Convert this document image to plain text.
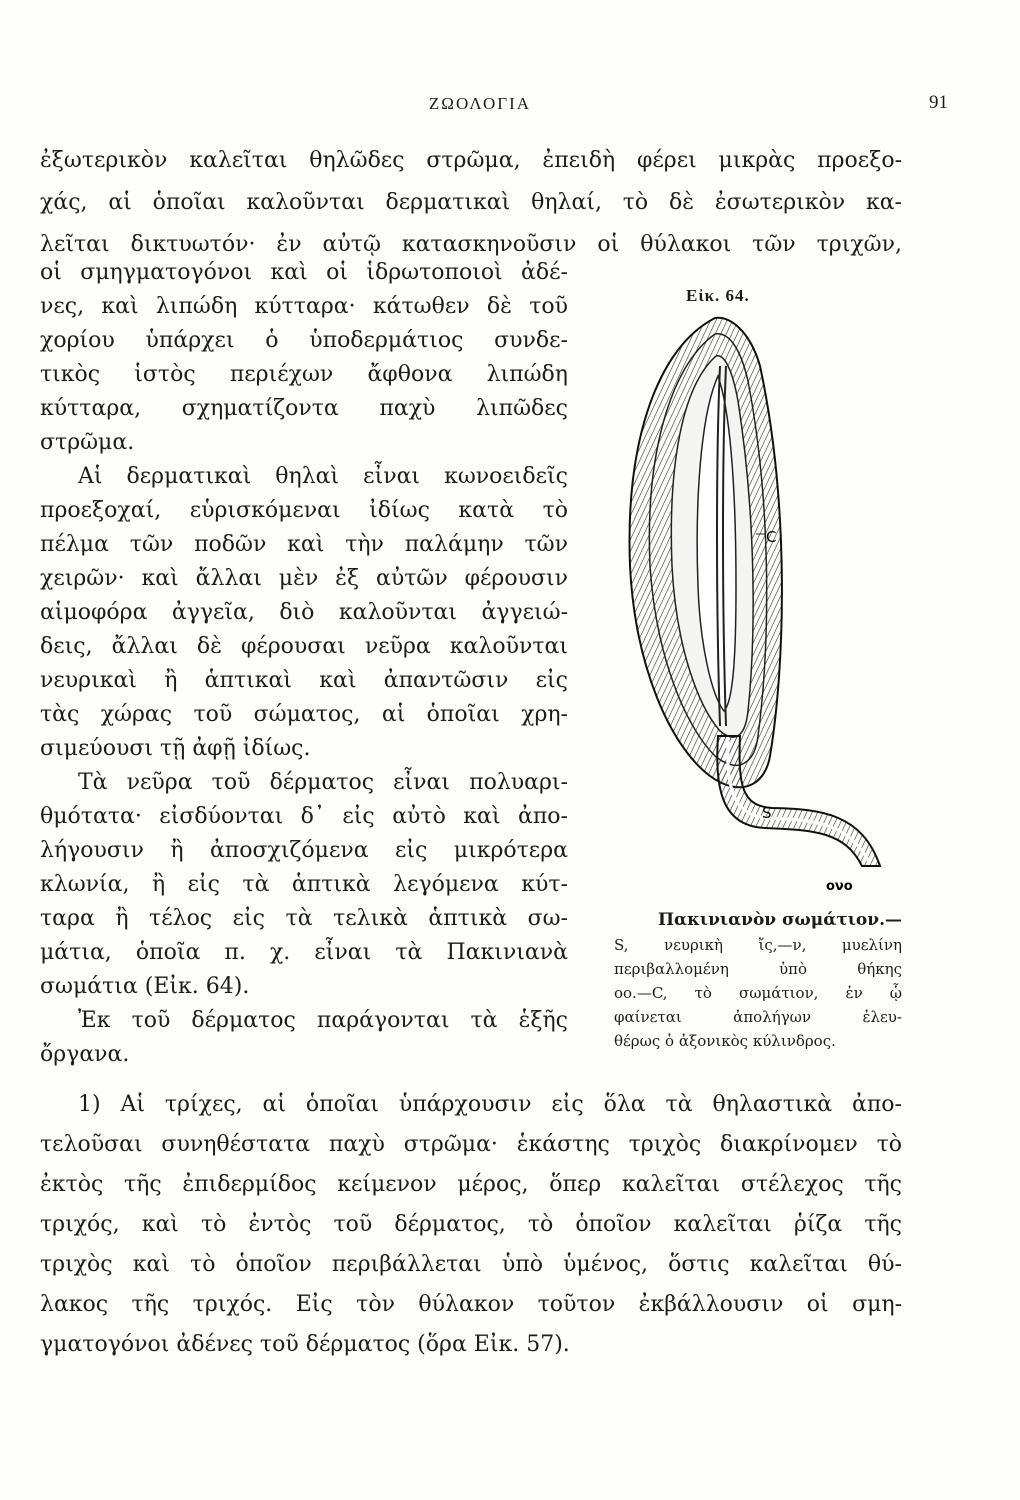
ΖΩΟΛΟΓΙΑ	91
ἐξωτερικὸν καλεῖται θηλῶδες στρῶμα, ἐπειδὴ φέρει μικρὰς προεξο-
χάς, αἱ ὁποῖαι καλοῦνται δερματικαὶ θηλαί, τὸ δὲ ἐσωτερικὸν κα-
λεῖται δικτυωτόν· ἐν αὐτῷ κατασκηνοῦσιν οἱ θύλακοι τῶν τριχῶν,
οἱ σμηγματογόνοι καὶ οἱ ἱδρωτοποιοὶ ἀδέ-
νες, καὶ λιπώδη κύτταρα· κάτωθεν δὲ τοῦ
χορίου ὑπάρχει ὁ ὑποδερμάτιος συνδε-
τικὸς ἱστὸς περιέχων ἄφθονα λιπώδη
κύτταρα, σχηματίζοντα παχὺ λιπῶδες
στρῶμα.
Αἱ δερματικαὶ θηλαὶ εἶναι κωνοειδεῖς
προεξοχαί, εὑρισκόμεναι ἰδίως κατὰ τὸ
πέλμα τῶν ποδῶν καὶ τὴν παλάμην τῶν
χειρῶν· καὶ ἄλλαι μὲν ἐξ αὐτῶν φέρουσιν
αἱμοφόρα ἀγγεῖα, διὸ καλοῦνται ἀγγειώ-
δεις, ἄλλαι δὲ φέρουσαι νεῦρα καλοῦνται
νευρικαὶ ἢ ἁπτικαὶ καὶ ἀπαντῶσιν εἰς
τὰς χώρας τοῦ σώματος, αἱ ὁποῖαι χρη-
σιμεύουσι τῇ ἀφῇ ἰδίως.
Τὰ νεῦρα τοῦ δέρματος εἶναι πολυαρι-
θμότατα· εἰσδύονται δ᾽ εἰς αὐτὸ καὶ ἀπο-
λήγουσιν ἢ ἀποσχιζόμενα εἰς μικρότερα
κλωνία, ἢ εἰς τὰ ἁπτικὰ λεγόμενα κύτ-
ταρα ἢ τέλος εἰς τὰ τελικὰ ἁπτικὰ σω-
μάτια, ὁποῖα π. χ. εἶναι τὰ Πακινιανὰ
σωμάτια (Εἰκ. 64).
Ἐκ τοῦ δέρματος παράγονται τὰ ἑξῆς
ὄργανα.
Εἰκ. 64.
C
S
ονο
Πακινιανὸν σωμάτιον.—
S, νευρικὴ ἴς,—ν, μυελίνη
περιβαλλομένη ὑπὸ θήκης
οο.—C, τὸ σωμάτιον, ἐν ᾧ
φαίνεται ἀπολήγων ἐλευ-
θέρως ὁ ἀξονικὸς κύλινδρος.
1) Αἱ τρίχες, αἱ ὁποῖαι ὑπάρχουσιν εἰς ὅλα τὰ θηλαστικὰ ἀπο-
τελοῦσαι συνηθέστατα παχὺ στρῶμα· ἑκάστης τριχὸς διακρίνομεν τὸ
ἐκτὸς τῆς ἐπιδερμίδος κείμενον μέρος, ὅπερ καλεῖται στέλεχος τῆς
τριχός, καὶ τὸ ἐντὸς τοῦ δέρματος, τὸ ὁποῖον καλεῖται ῥίζα τῆς
τριχὸς καὶ τὸ ὁποῖον περιβάλλεται ὑπὸ ὑμένος, ὅστις καλεῖται θύ-
λακος τῆς τριχός. Εἰς τὸν θύλακον τοῦτον ἐκβάλλουσιν οἱ σμη-
γματογόνοι ἀδένες τοῦ δέρματος (ὅρα Εἰκ. 57).
